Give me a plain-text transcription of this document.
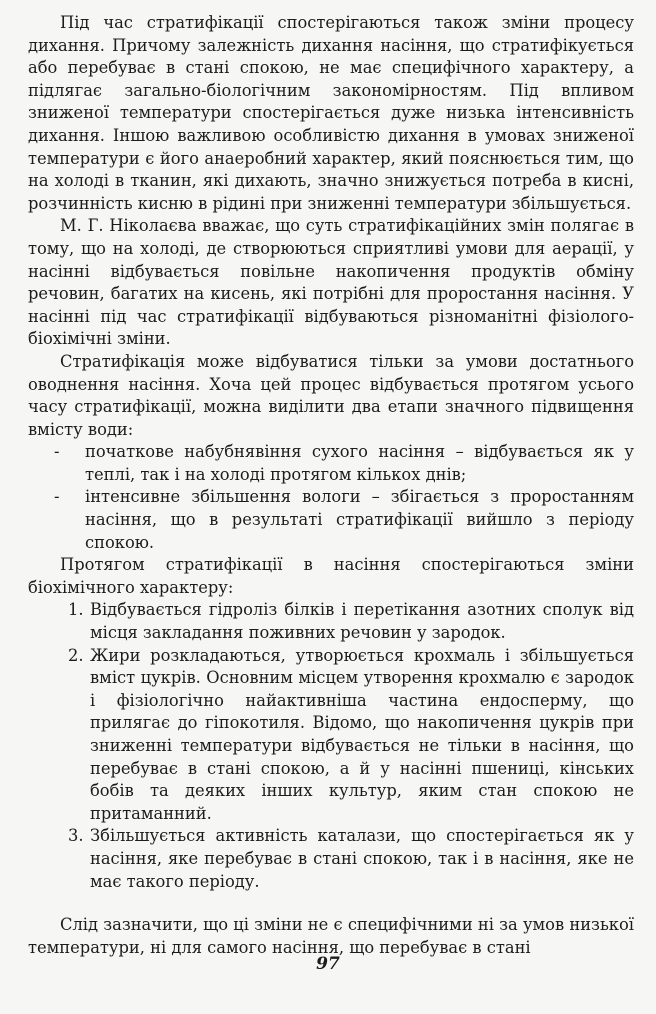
Під час стратифікації спостерігаються також зміни процесу дихання. Причому залежність дихання насіння, що стратифікується або перебуває в стані спокою, не має специфічного характеру, а підлягає загально-біологічним закономірностям. Під впливом зниженої температури спостерігається дуже низька інтенсивність дихання. Іншою важливою особливістю дихання в умовах зниженої температури є його анаеробний характер, який пояснюється тим, що на холоді в тканин, які дихають, значно знижується потреба в кисні, розчинність кисню в рідині при зниженні температури збільшується.

М. Г. Ніколаєва вважає, що суть стратифікаційних змін полягає в тому, що на холоді, де створюються сприятливі умови для аерації, у насінні відбувається повільне накопичення продуктів обміну речовин, багатих на кисень, які потрібні для проростання насіння. У насінні під час стратифікації відбуваються різноманітні фізіолого-біохімічні зміни.

Стратифікація може відбуватися тільки за умови достатнього оводнення насіння. Хоча цей процес відбувається протягом усього часу стратифікації, можна виділити два етапи значного підвищення вмісту води:

- початкове набубнявіння сухого насіння – відбувається як у теплі, так і на холоді протягом кількох днів;
- інтенсивне збільшення вологи – збігається з проростанням насіння, що в результаті стратифікації вийшло з періоду спокою.

Протягом стратифікації в насіння спостерігаються зміни біохімічного характеру:

1. Відбувається гідроліз білків і перетікання азотних сполук від місця закладання поживних речовин у зародок.
2. Жири розкладаються, утворюється крохмаль і збільшується вміст цукрів. Основним місцем утворення крохмалю є зародок і фізіологічно найактивніша частина ендосперму, що прилягає до гіпокотиля. Відомо, що накопичення цукрів при зниженні температури відбувається не тільки в насіння, що перебуває в стані спокою, а й у насінні пшениці, кінських бобів та деяких інших культур, яким стан спокою не притаманний.
3. Збільшується активність каталази, що спостерігається як у насіння, яке перебуває в стані спокою, так і в насіння, яке не має такого періоду.

Слід зазначити, що ці зміни не є специфічними ні за умов низької температури, ні для самого насіння, що перебуває в стані

97
